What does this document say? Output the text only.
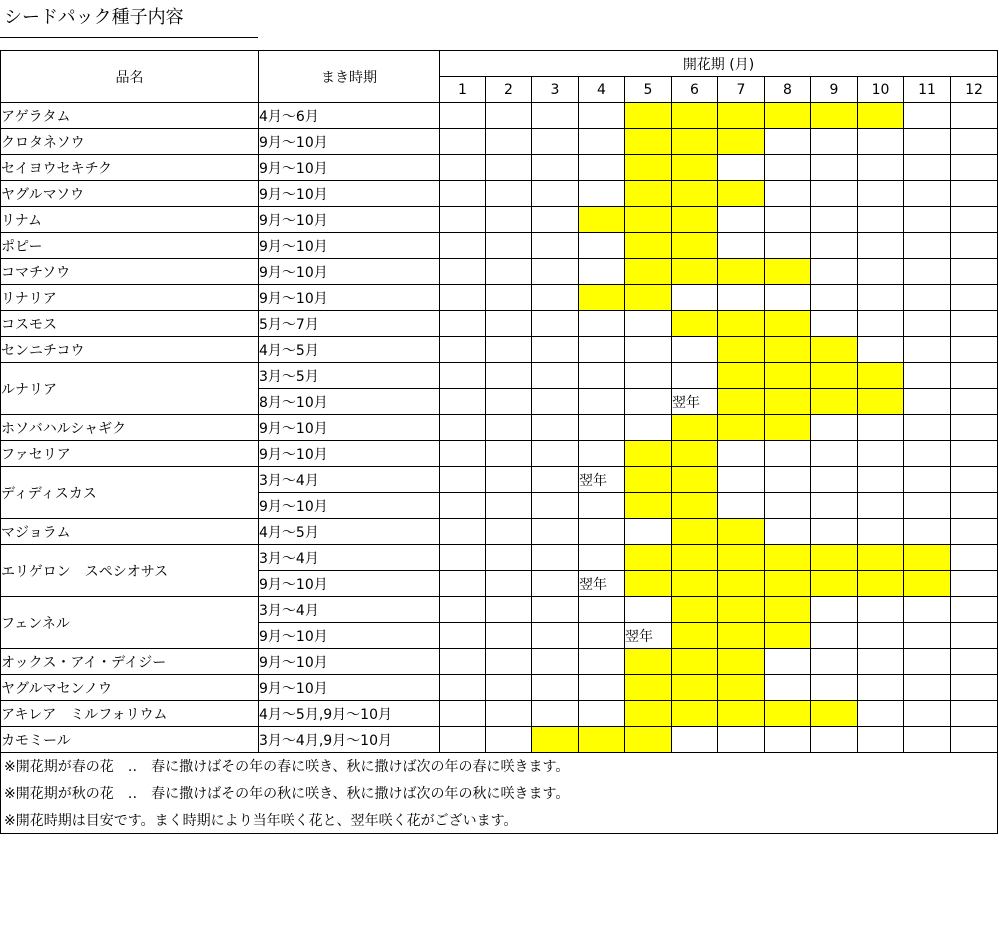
シードパック種子内容
品名	まき時期	開花期 (月)											
		1	2	3	4	5	6	7	8	9	10	11	12
アゲラタム	4月～6月												
クロタネソウ	9月～10月												
セイヨウセキチク	9月～10月												
ヤグルマソウ	9月～10月												
リナム	9月～10月												
ポピー	9月～10月												
コマチソウ	9月～10月												
リナリア	9月～10月												
コスモス	5月～7月												
センニチコウ	4月～5月												
ルナリア	3月～5月												
	8月～10月						翌年						
ホソバハルシャギク	9月～10月												
ファセリア	9月～10月												
ディディスカス	3月～4月				翌年								
	9月～10月												
マジョラム	4月～5月												
エリゲロン　スペシオサス	3月～4月												
	9月～10月				翌年								
フェンネル	3月～4月												
	9月～10月					翌年							
オックス・アイ・デイジー	9月～10月												
ヤグルマセンノウ	9月～10月												
アキレア　ミルフォリウム	4月～5月,9月～10月												
カモミール	3月～4月,9月～10月												
※開花期が春の花　‥　春に撒けばその年の春に咲き、秋に撒けば次の年の春に咲きます。													
※開花期が秋の花　‥　春に撒けばその年の秋に咲き、秋に撒けば次の年の秋に咲きます。													
※開花時期は目安です。まく時期により当年咲く花と、翌年咲く花がございます。													
